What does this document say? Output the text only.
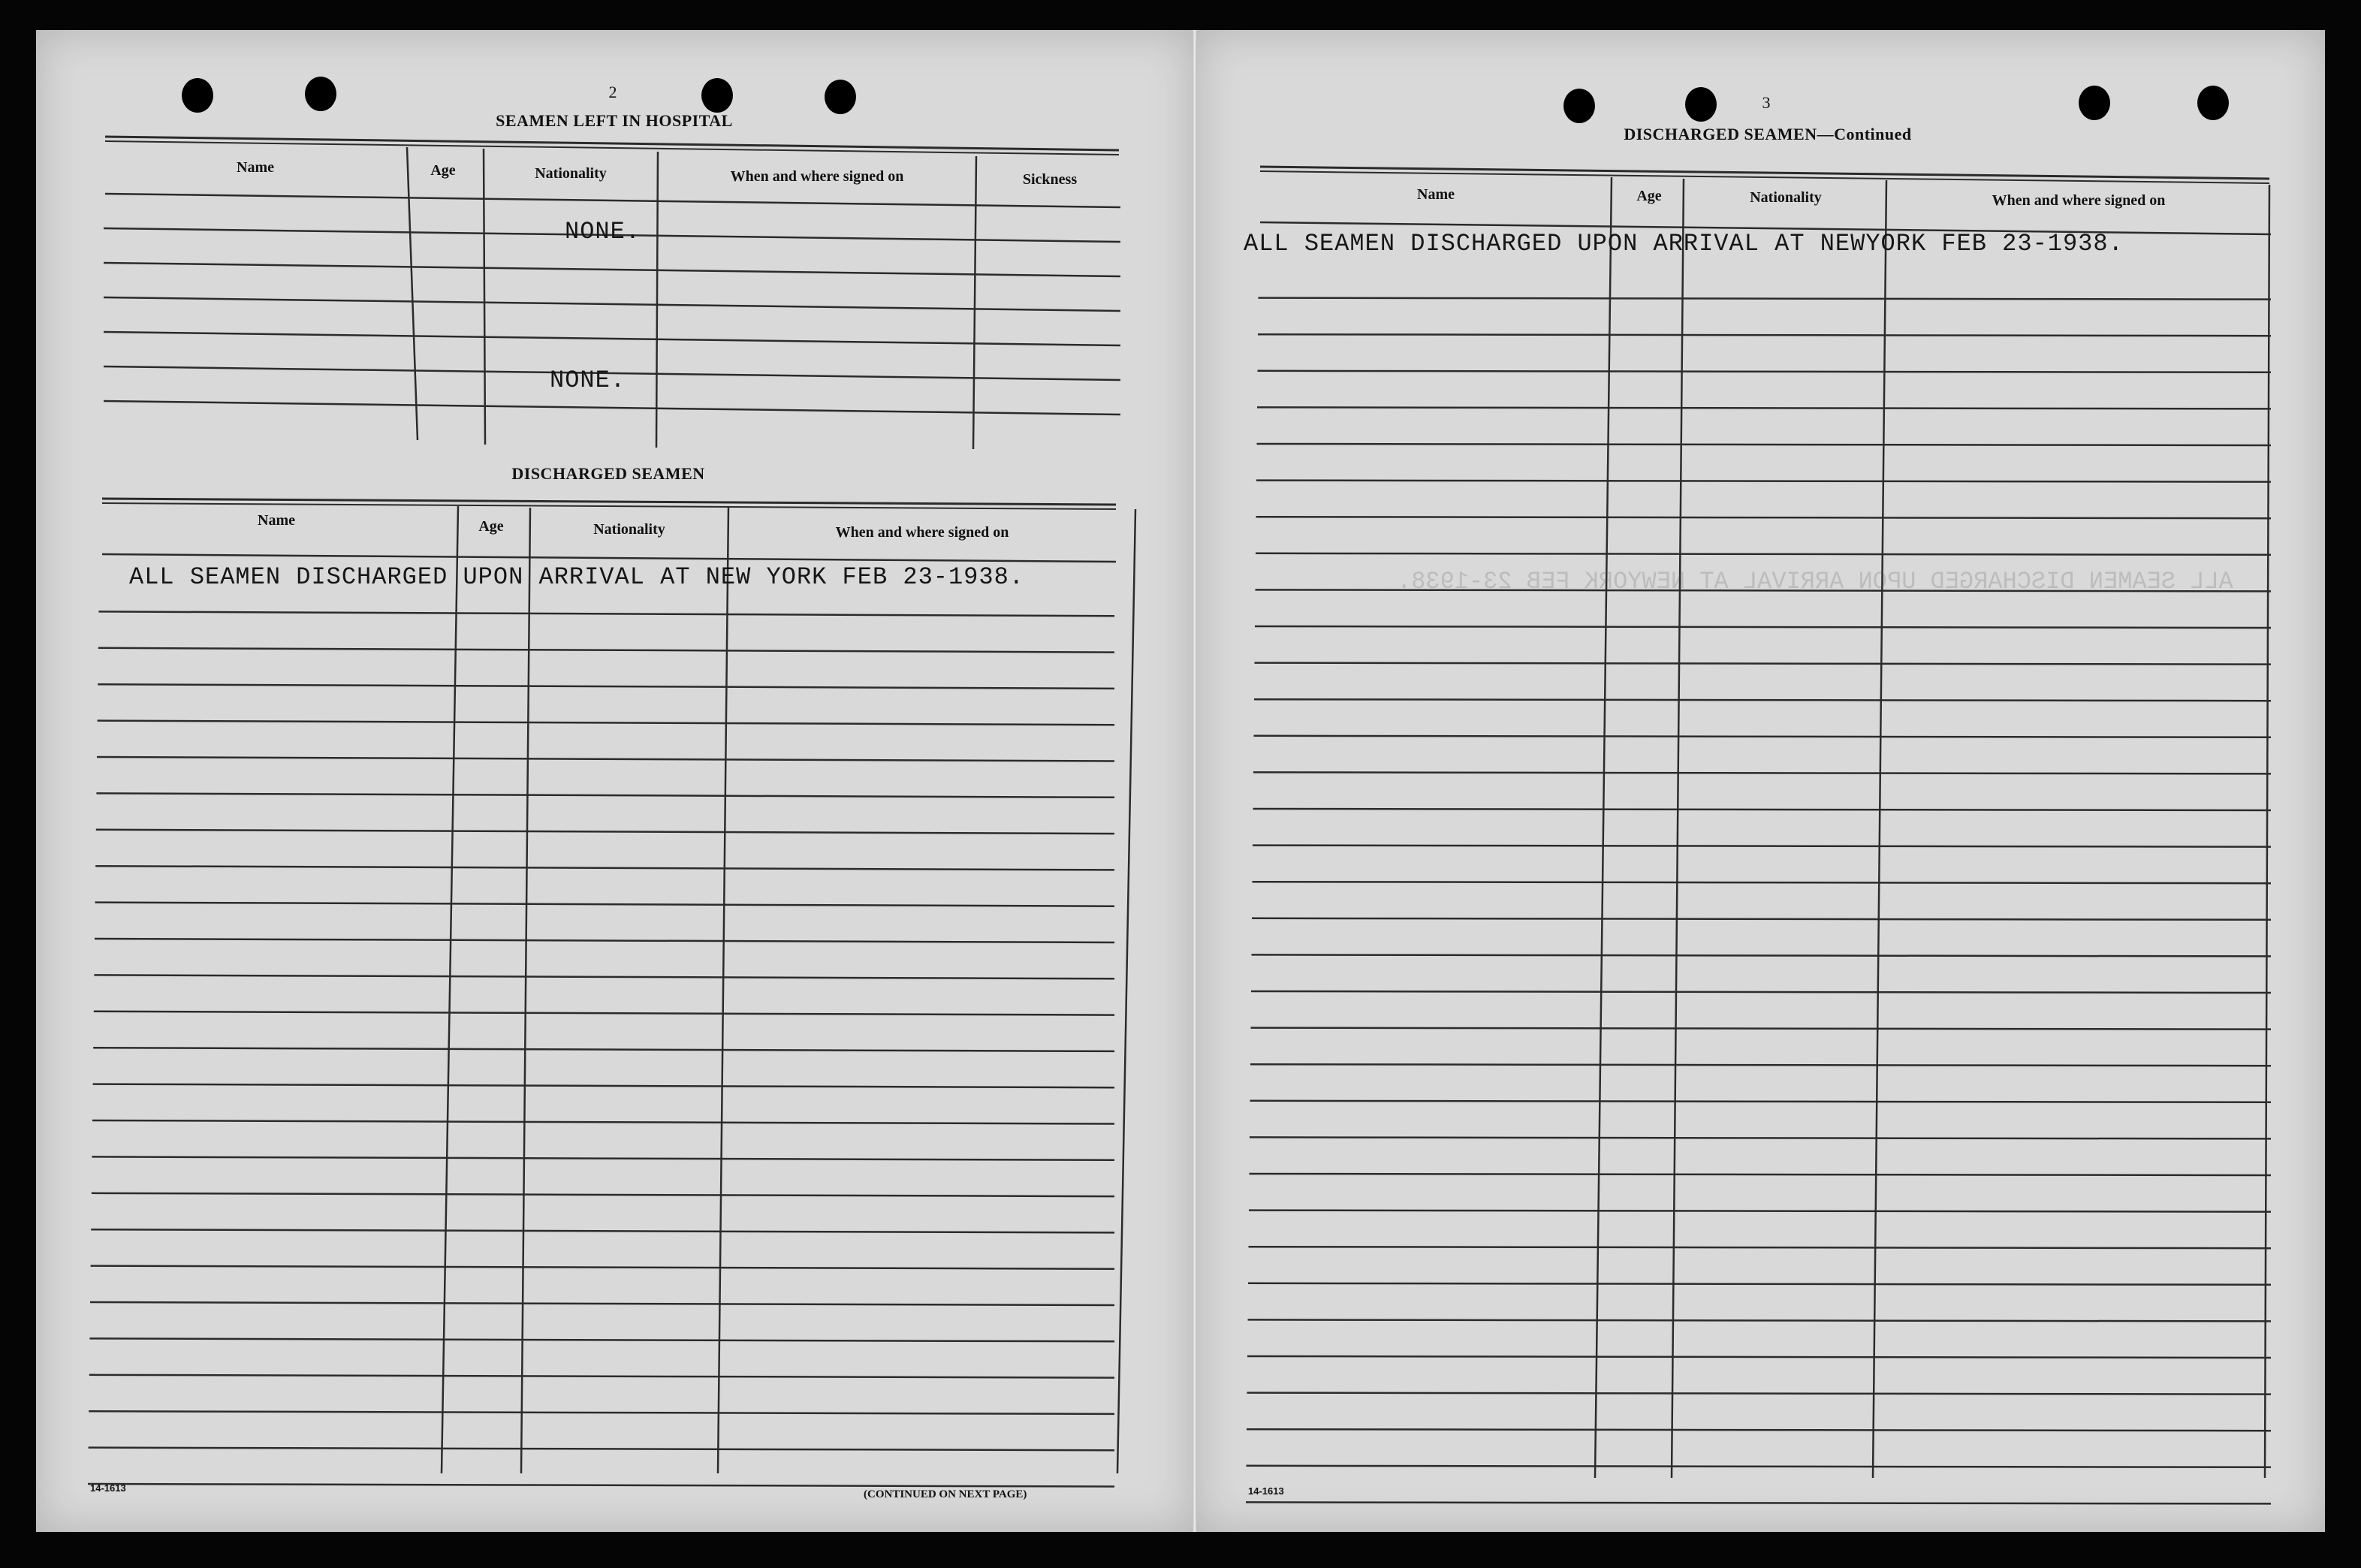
2
SEAMEN LEFT IN HOSPITAL
Name	Age	Nationality	When and where signed on	Sickness
NONE.
NONE.
DISCHARGED SEAMEN
Name	Age	Nationality	When and where signed on
ALL SEAMEN DISCHARGED UPON ARRIVAL AT NEW YORK FEB 23-1938.
14-1613
(CONTINUED ON NEXT PAGE)
3
DISCHARGED SEAMEN—Continued
Name	Age	Nationality	When and where signed on
ALL SEAMEN DISCHARGED UPON ARRIVAL AT NEWYORK FEB 23-1938.
ALL SEAMEN DISCHARGED UPON ARRIVAL AT NEWYORK FEB 23-1938.
14-1613
